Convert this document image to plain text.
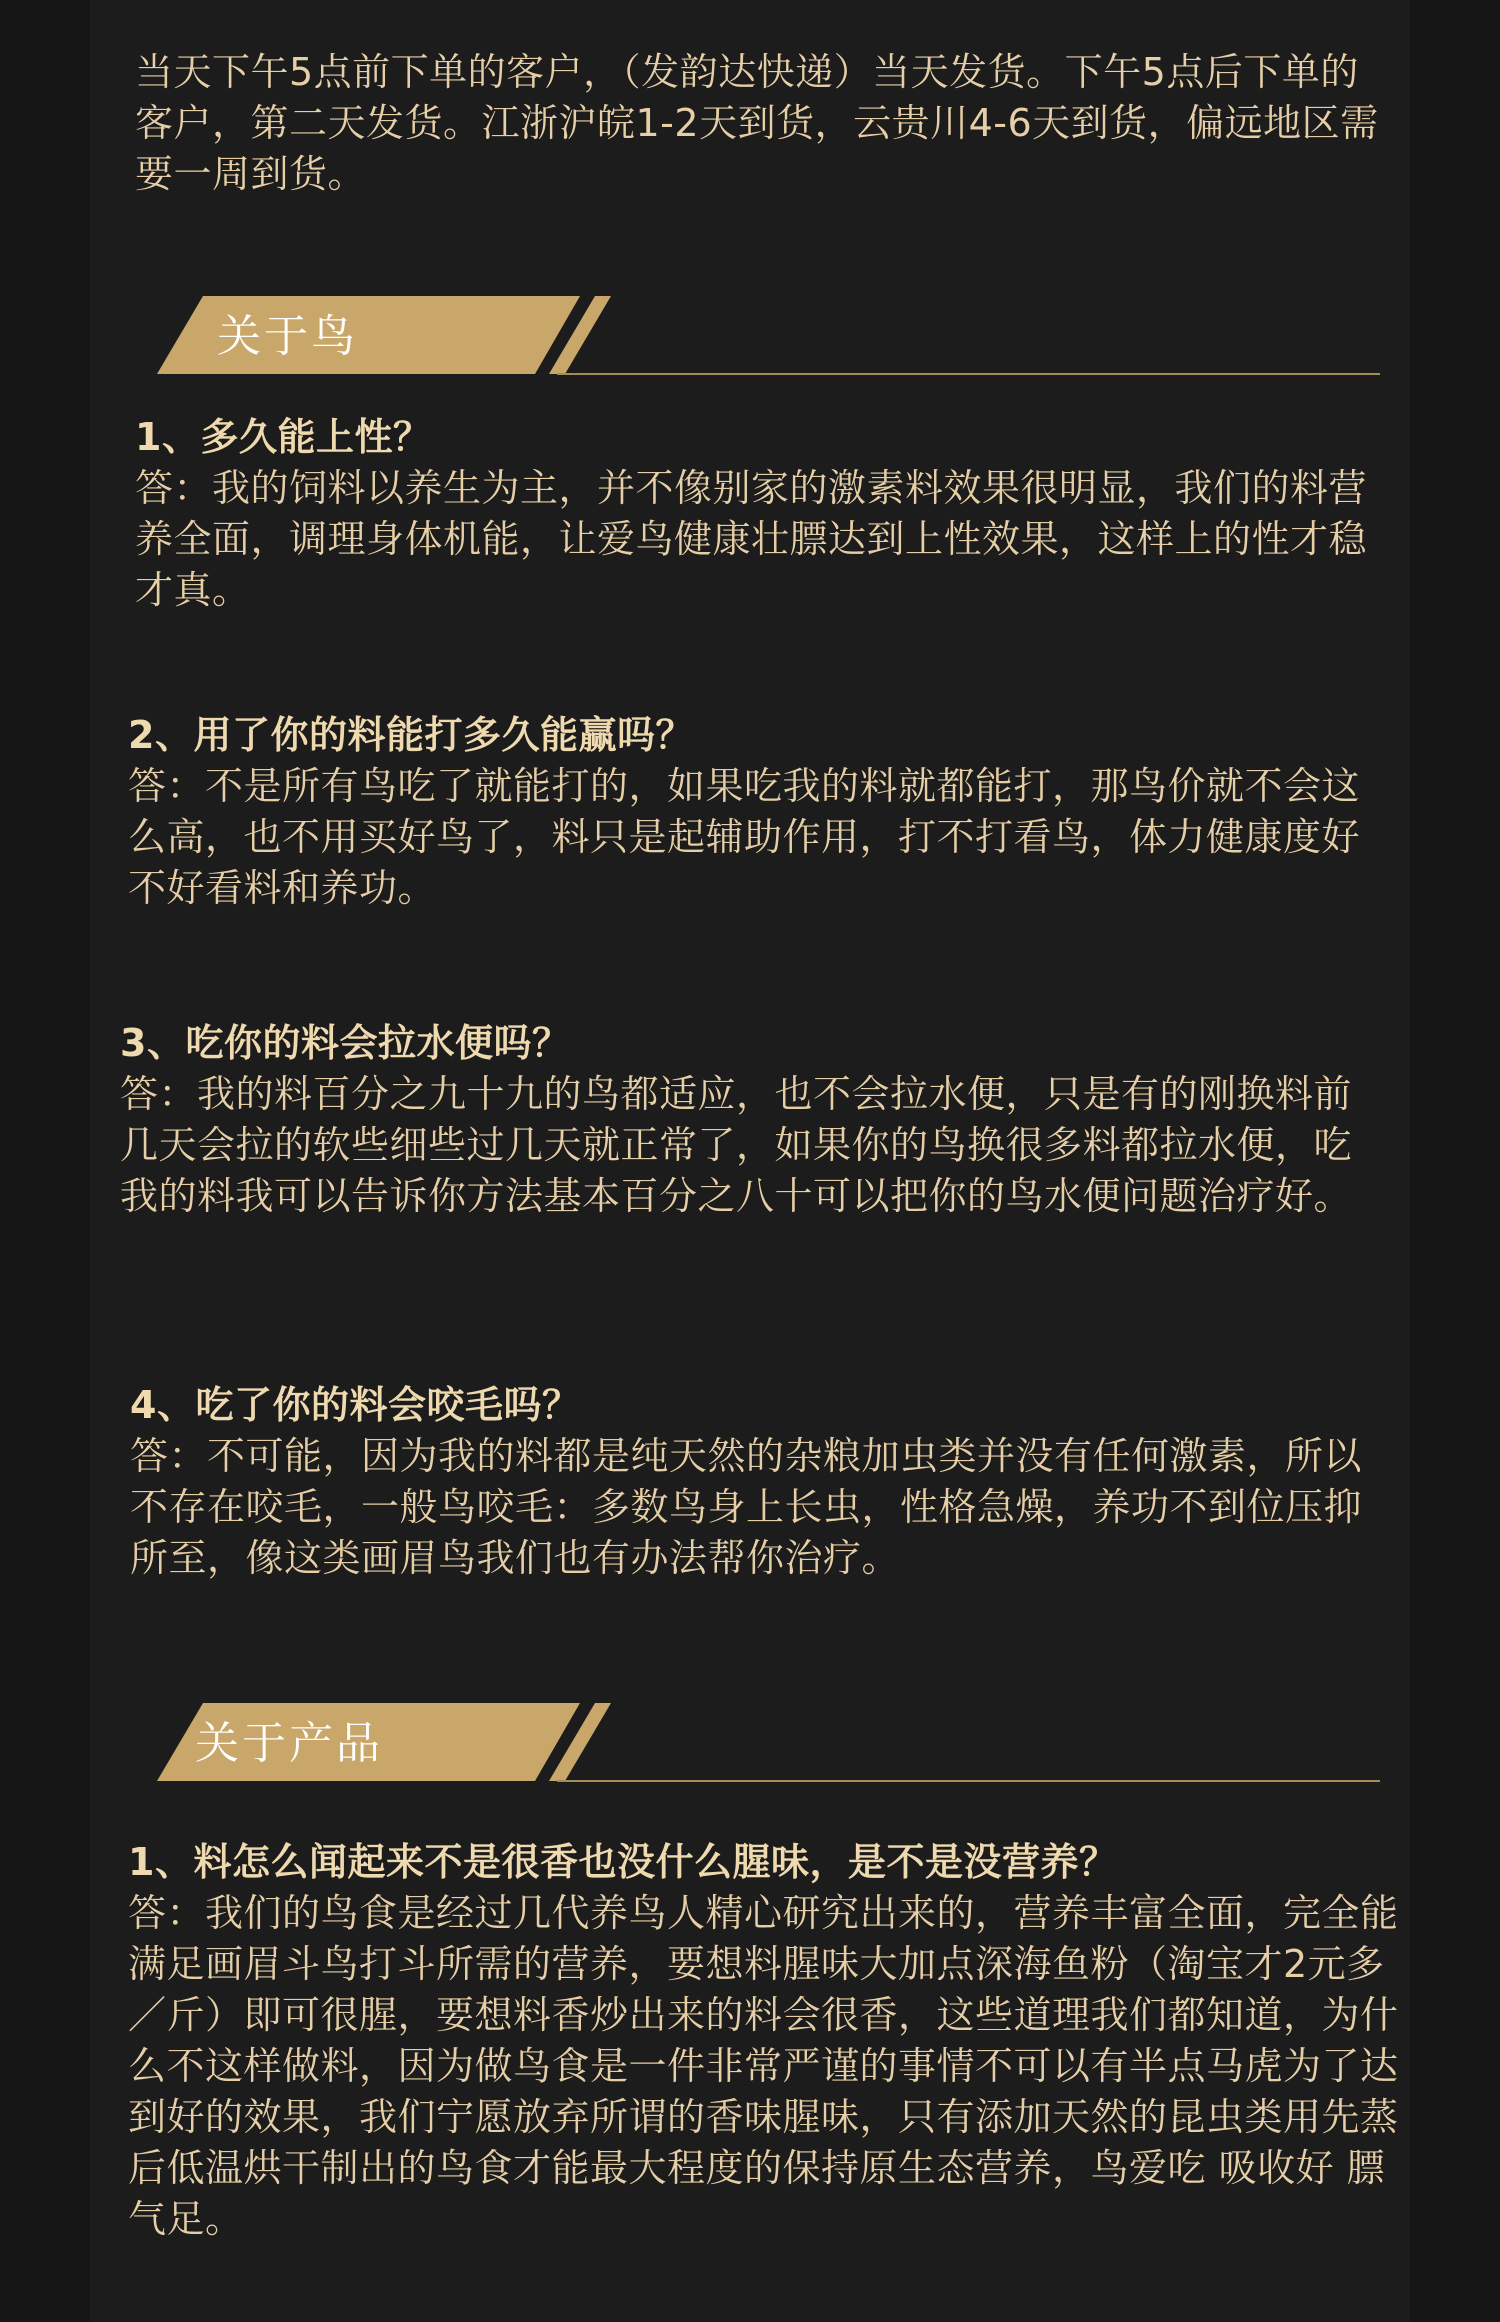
当天下午5点前下单的客户，（发韵达快递）当天发货。下午5点后下单的客户，第二天发货。江浙沪皖1-2天到货，云贵川4-6天到货，偏远地区需要一周到货。

关于鸟
1、多久能上性？
答：我的饲料以养生为主，并不像别家的激素料效果很明显，我们的料营养全面，调理身体机能，让爱鸟健康壮膘达到上性效果，这样上的性才稳才真。
2、用了你的料能打多久能赢吗？
答：不是所有鸟吃了就能打的，如果吃我的料就都能打，那鸟价就不会这么高，也不用买好鸟了，料只是起辅助作用，打不打看鸟，体力健康度好不好看料和养功。
3、吃你的料会拉水便吗？
答：我的料百分之九十九的鸟都适应，也不会拉水便，只是有的刚换料前几天会拉的软些细些过几天就正常了，如果你的鸟换很多料都拉水便，吃我的料我可以告诉你方法基本百分之八十可以把你的鸟水便问题治疗好。
4、吃了你的料会咬毛吗？
答：不可能，因为我的料都是纯天然的杂粮加虫类并没有任何激素，所以不存在咬毛，一般鸟咬毛：多数鸟身上长虫，性格急燥，养功不到位压抑所至，像这类画眉鸟我们也有办法帮你治疗。
关于产品
1、料怎么闻起来不是很香也没什么腥味，是不是没营养？
答：我们的鸟食是经过几代养鸟人精心研究出来的，营养丰富全面，完全能满足画眉斗鸟打斗所需的营养，要想料腥味大加点深海鱼粉（淘宝才2元多／斤）即可很腥，要想料香炒出来的料会很香，这些道理我们都知道，为什么不这样做料，因为做鸟食是一件非常严谨的事情不可以有半点马虎为了达到好的效果，我们宁愿放弃所谓的香味腥味，只有添加天然的昆虫类用先蒸后低温烘干制出的鸟食才能最大程度的保持原生态营养，鸟爱吃 吸收好 膘气足。
